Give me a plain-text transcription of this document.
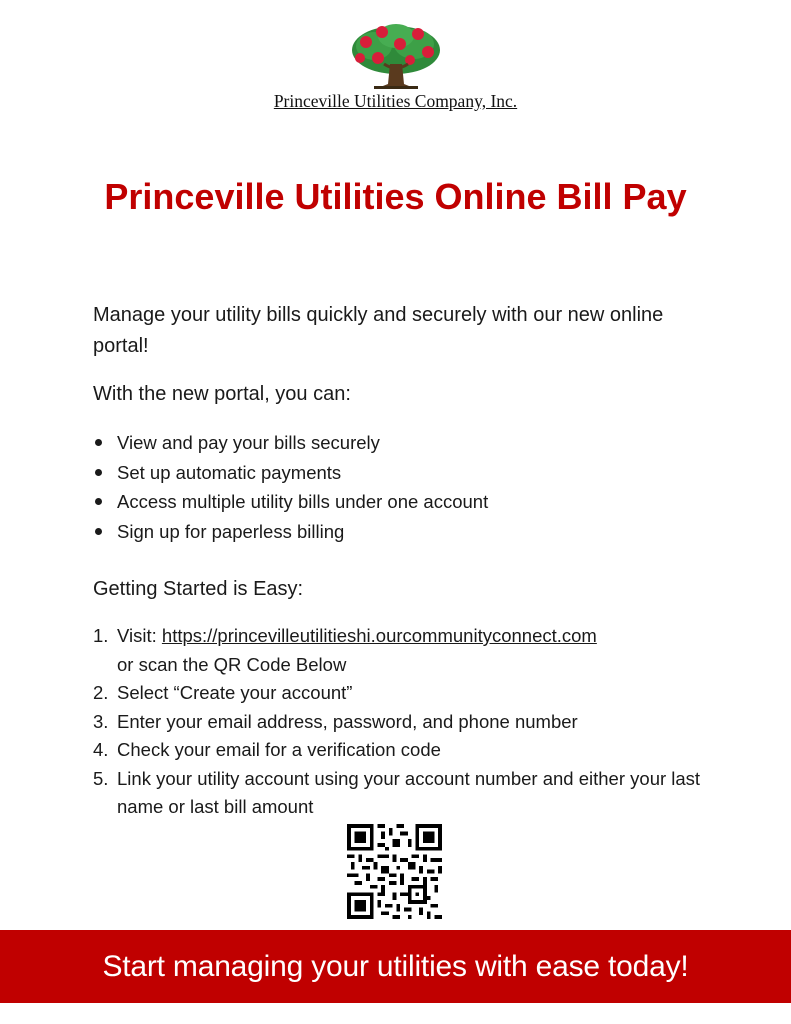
Princeville Utilities Company, Inc.
Princeville Utilities Online Bill Pay

Manage your utility bills quickly and securely with our new online portal!

With the new portal, you can:

View and pay your bills securely
Set up automatic payments
Access multiple utility bills under one account
Sign up for paperless billing

Getting Started is Easy:

1. Visit: https://princevilleutilitieshi.ourcommunityconnect.com
or scan the QR Code Below
2. Select “Create your account”
3. Enter your email address, password, and phone number
4. Check your email for a verification code
5. Link your utility account using your account number and either your last name or last bill amount
Start managing your utilities with ease today!
